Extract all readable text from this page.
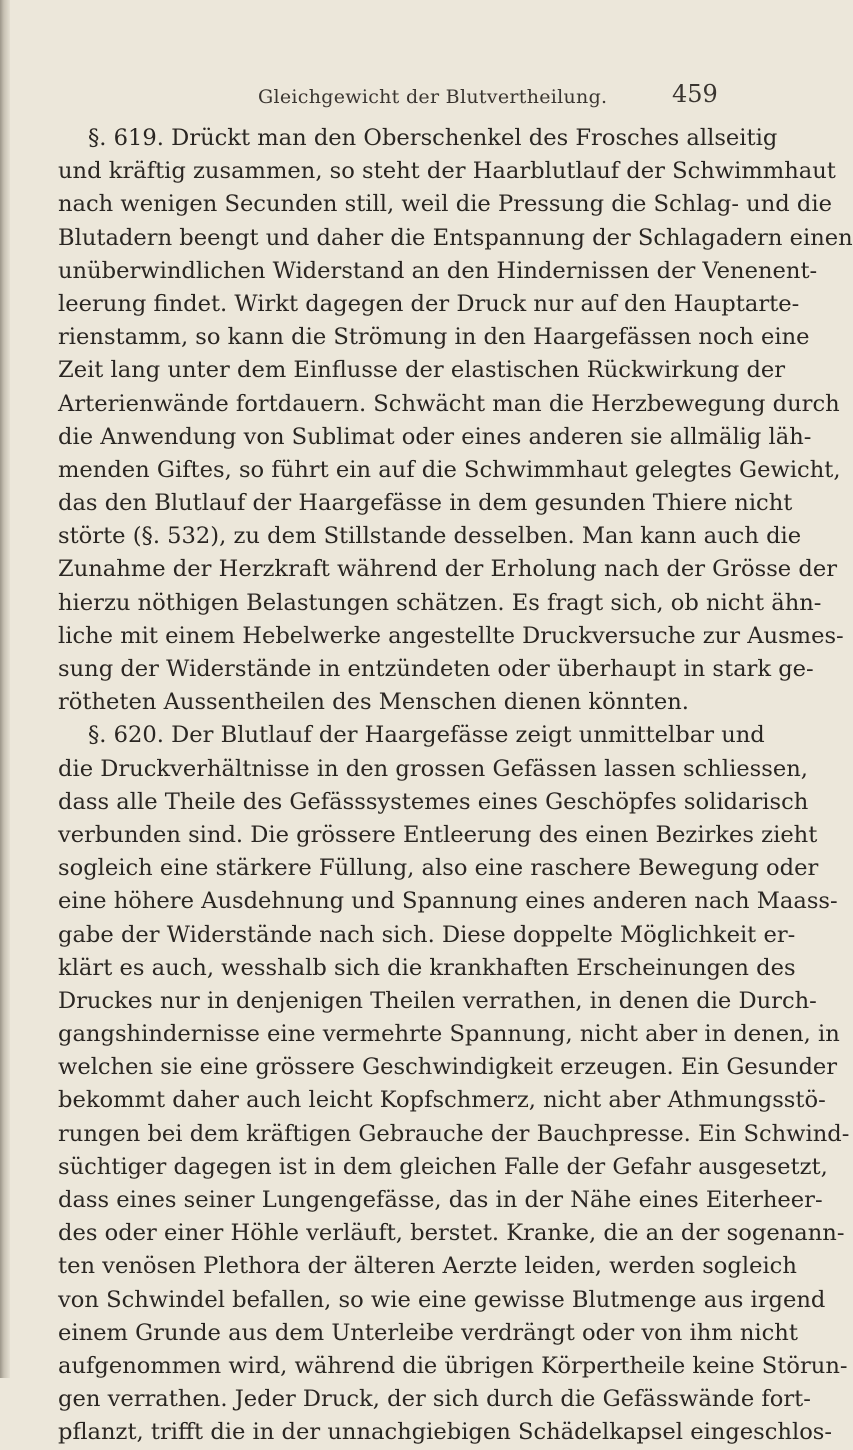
Gleichgewicht der Blutvertheilung.	459
§. 619. Drückt man den Oberschenkel des Frosches allseitig
und kräftig zusammen, so steht der Haarblutlauf der Schwimmhaut
nach wenigen Secunden still, weil die Pressung die Schlag- und die
Blutadern beengt und daher die Entspannung der Schlagadern einen
unüberwindlichen Widerstand an den Hindernissen der Venenent-
leerung findet. Wirkt dagegen der Druck nur auf den Hauptarte-
rienstamm, so kann die Strömung in den Haargefässen noch eine
Zeit lang unter dem Einflusse der elastischen Rückwirkung der
Arterienwände fortdauern. Schwächt man die Herzbewegung durch
die Anwendung von Sublimat oder eines anderen sie allmälig läh-
menden Giftes, so führt ein auf die Schwimmhaut gelegtes Gewicht,
das den Blutlauf der Haargefässe in dem gesunden Thiere nicht
störte (§. 532), zu dem Stillstande desselben. Man kann auch die
Zunahme der Herzkraft während der Erholung nach der Grösse der
hierzu nöthigen Belastungen schätzen. Es fragt sich, ob nicht ähn-
liche mit einem Hebelwerke angestellte Druckversuche zur Ausmes-
sung der Widerstände in entzündeten oder überhaupt in stark ge-
rötheten Aussentheilen des Menschen dienen könnten.
§. 620. Der Blutlauf der Haargefässe zeigt unmittelbar und
die Druckverhältnisse in den grossen Gefässen lassen schliessen,
dass alle Theile des Gefässsystemes eines Geschöpfes solidarisch
verbunden sind. Die grössere Entleerung des einen Bezirkes zieht
sogleich eine stärkere Füllung, also eine raschere Bewegung oder
eine höhere Ausdehnung und Spannung eines anderen nach Maass-
gabe der Widerstände nach sich. Diese doppelte Möglichkeit er-
klärt es auch, wesshalb sich die krankhaften Erscheinungen des
Druckes nur in denjenigen Theilen verrathen, in denen die Durch-
gangshindernisse eine vermehrte Spannung, nicht aber in denen, in
welchen sie eine grössere Geschwindigkeit erzeugen. Ein Gesunder
bekommt daher auch leicht Kopfschmerz, nicht aber Athmungsstö-
rungen bei dem kräftigen Gebrauche der Bauchpresse. Ein Schwind-
süchtiger dagegen ist in dem gleichen Falle der Gefahr ausgesetzt,
dass eines seiner Lungengefässe, das in der Nähe eines Eiterheer-
des oder einer Höhle verläuft, berstet. Kranke, die an der sogenann-
ten venösen Plethora der älteren Aerzte leiden, werden sogleich
von Schwindel befallen, so wie eine gewisse Blutmenge aus irgend
einem Grunde aus dem Unterleibe verdrängt oder von ihm nicht
aufgenommen wird, während die übrigen Körpertheile keine Störun-
gen verrathen. Jeder Druck, der sich durch die Gefässwände fort-
pflanzt, trifft die in der unnachgiebigen Schädelkapsel eingeschlos-
